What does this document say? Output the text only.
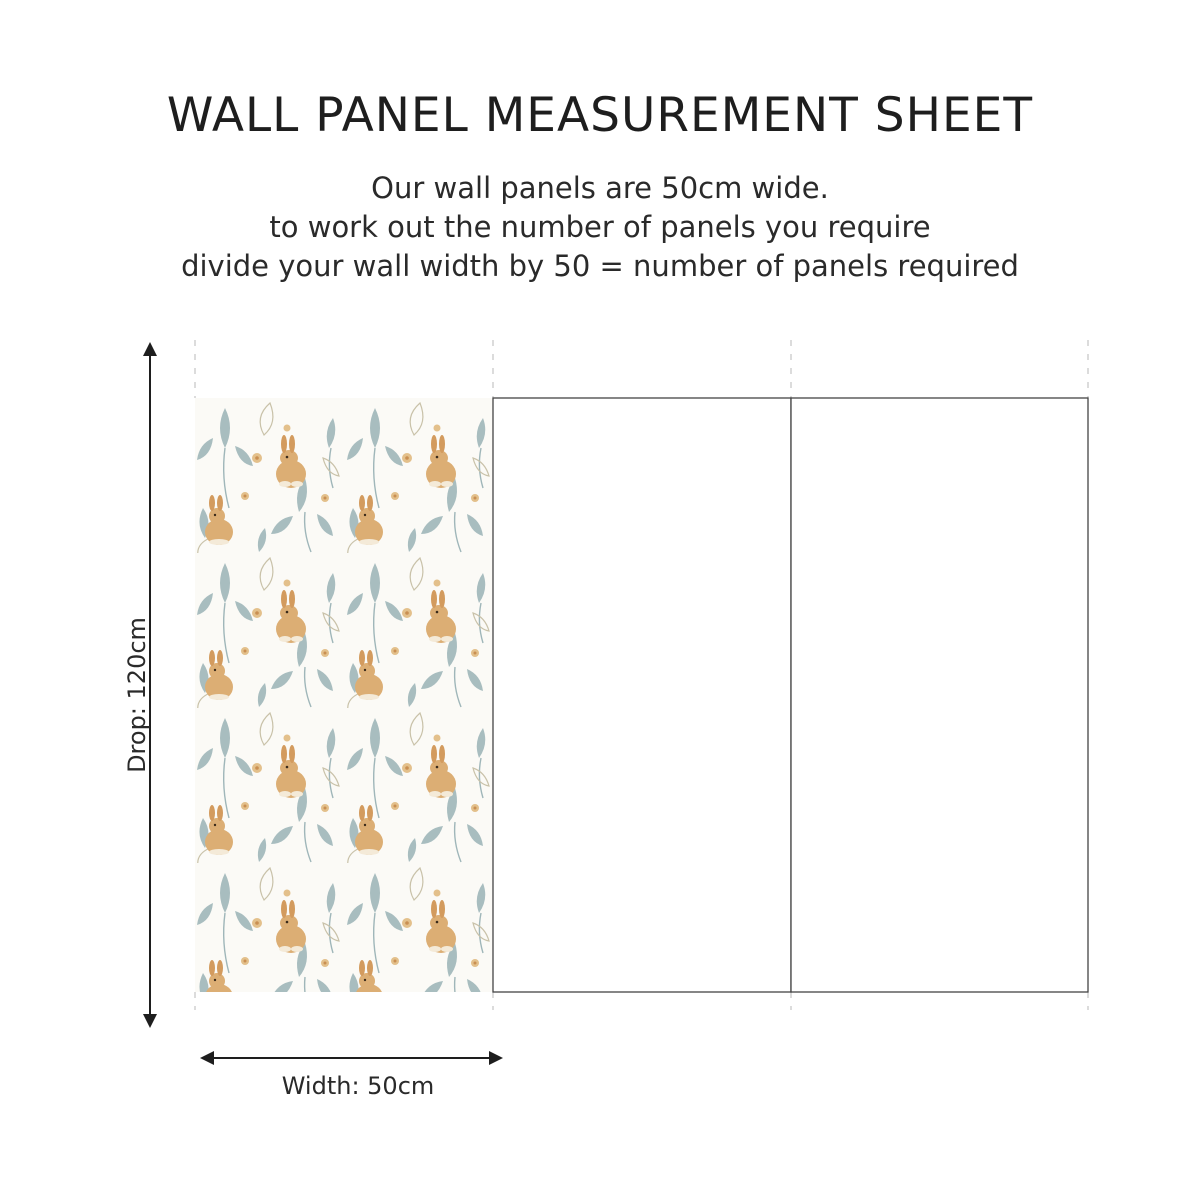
WALL PANEL MEASUREMENT SHEET

Our wall panels are 50cm wide.

to work out the number of panels you require

divide your wall width by 50 = number of panels required

Drop: 120cm
Width: 50cm
